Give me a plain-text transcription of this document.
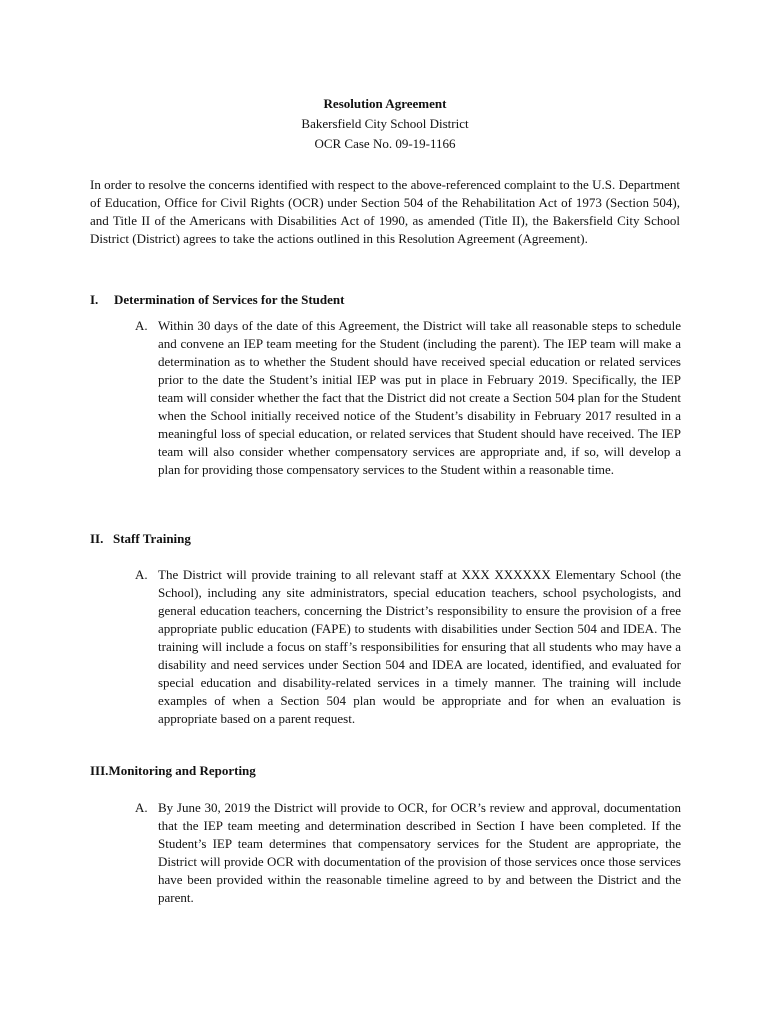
Resolution Agreement
Bakersfield City School District
OCR Case No. 09-19-1166

In order to resolve the concerns identified with respect to the above-referenced complaint to the U.S. Department of Education, Office for Civil Rights (OCR) under Section 504 of the Rehabilitation Act of 1973 (Section 504), and Title II of the Americans with Disabilities Act of 1990, as amended (Title II), the Bakersfield City School District (District) agrees to take the actions outlined in this Resolution Agreement (Agreement).

I. Determination of Services for the Student
A. Within 30 days of the date of this Agreement, the District will take all reasonable steps to schedule and convene an IEP team meeting for the Student (including the parent). The IEP team will make a determination as to whether the Student should have received special education or related services prior to the date the Student’s initial IEP was put in place in February 2019. Specifically, the IEP team will consider whether the fact that the District did not create a Section 504 plan for the Student when the School initially received notice of the Student’s disability in February 2017 resulted in a meaningful loss of special education, or related services that Student should have received. The IEP team will also consider whether compensatory services are appropriate and, if so, will develop a plan for providing those compensatory services to the Student within a reasonable time.
II. Staff Training
A. The District will provide training to all relevant staff at XXX XXXXXX Elementary School (the School), including any site administrators, special education teachers, school psychologists, and general education teachers, concerning the District’s responsibility to ensure the provision of a free appropriate public education (FAPE) to students with disabilities under Section 504 and IDEA. The training will include a focus on staff’s responsibilities for ensuring that all students who may have a disability and need services under Section 504 and IDEA are located, identified, and evaluated for special education and disability-related services in a timely manner. The training will include examples of when a Section 504 plan would be appropriate and for when an evaluation is appropriate based on a parent request.
III.Monitoring and Reporting
A. By June 30, 2019 the District will provide to OCR, for OCR’s review and approval, documentation that the IEP team meeting and determination described in Section I have been completed. If the Student’s IEP team determines that compensatory services for the Student are appropriate, the District will provide OCR with documentation of the provision of those services once those services have been provided within the reasonable timeline agreed to by and between the District and the parent.
